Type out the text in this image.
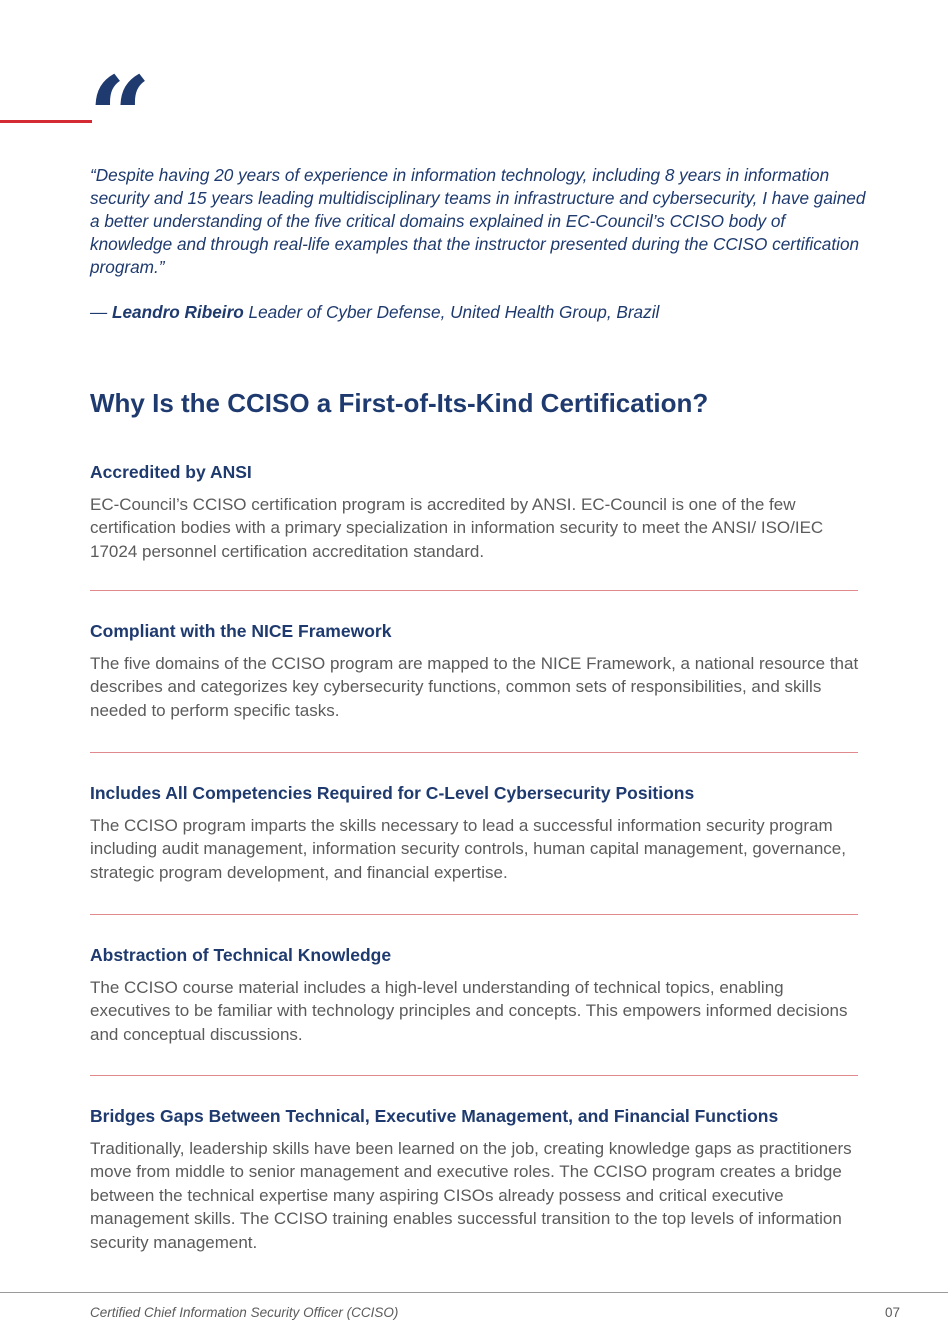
“
“Despite having 20 years of experience in information technology, including 8 years in information security and 15 years leading multidisciplinary teams in infrastructure and cybersecurity, I have gained a better understanding of the five critical domains explained in EC-Council’s CCISO body of knowledge and through real-life examples that the instructor presented during the CCISO certification program.”
— Leandro Ribeiro Leader of Cyber Defense, United Health Group, Brazil
Why Is the CCISO a First-of-Its-Kind Certification?
Accredited by ANSI

EC-Council’s CCISO certification program is accredited by ANSI. EC-Council is one of the few certification bodies with a primary specialization in information security to meet the ANSI/ ISO/IEC 17024 personnel certification accreditation standard.

Compliant with the NICE Framework

The five domains of the CCISO program are mapped to the NICE Framework, a national resource that describes and categorizes key cybersecurity functions, common sets of responsibilities, and skills needed to perform specific tasks.

Includes All Competencies Required for C-Level Cybersecurity Positions

The CCISO program imparts the skills necessary to lead a successful information security program including audit management, information security controls, human capital management, governance, strategic program development, and financial expertise.

Abstraction of Technical Knowledge

The CCISO course material includes a high-level understanding of technical topics, enabling executives to be familiar with technology principles and concepts. This empowers informed decisions and conceptual discussions.

Bridges Gaps Between Technical, Executive Management, and Financial Functions

Traditionally, leadership skills have been learned on the job, creating knowledge gaps as practitioners move from middle to senior management and executive roles. The CCISO program creates a bridge between the technical expertise many aspiring CISOs already possess and critical executive management skills. The CCISO training enables successful transition to the top levels of information security management.

Certified Chief Information Security Officer (CCISO)	07
